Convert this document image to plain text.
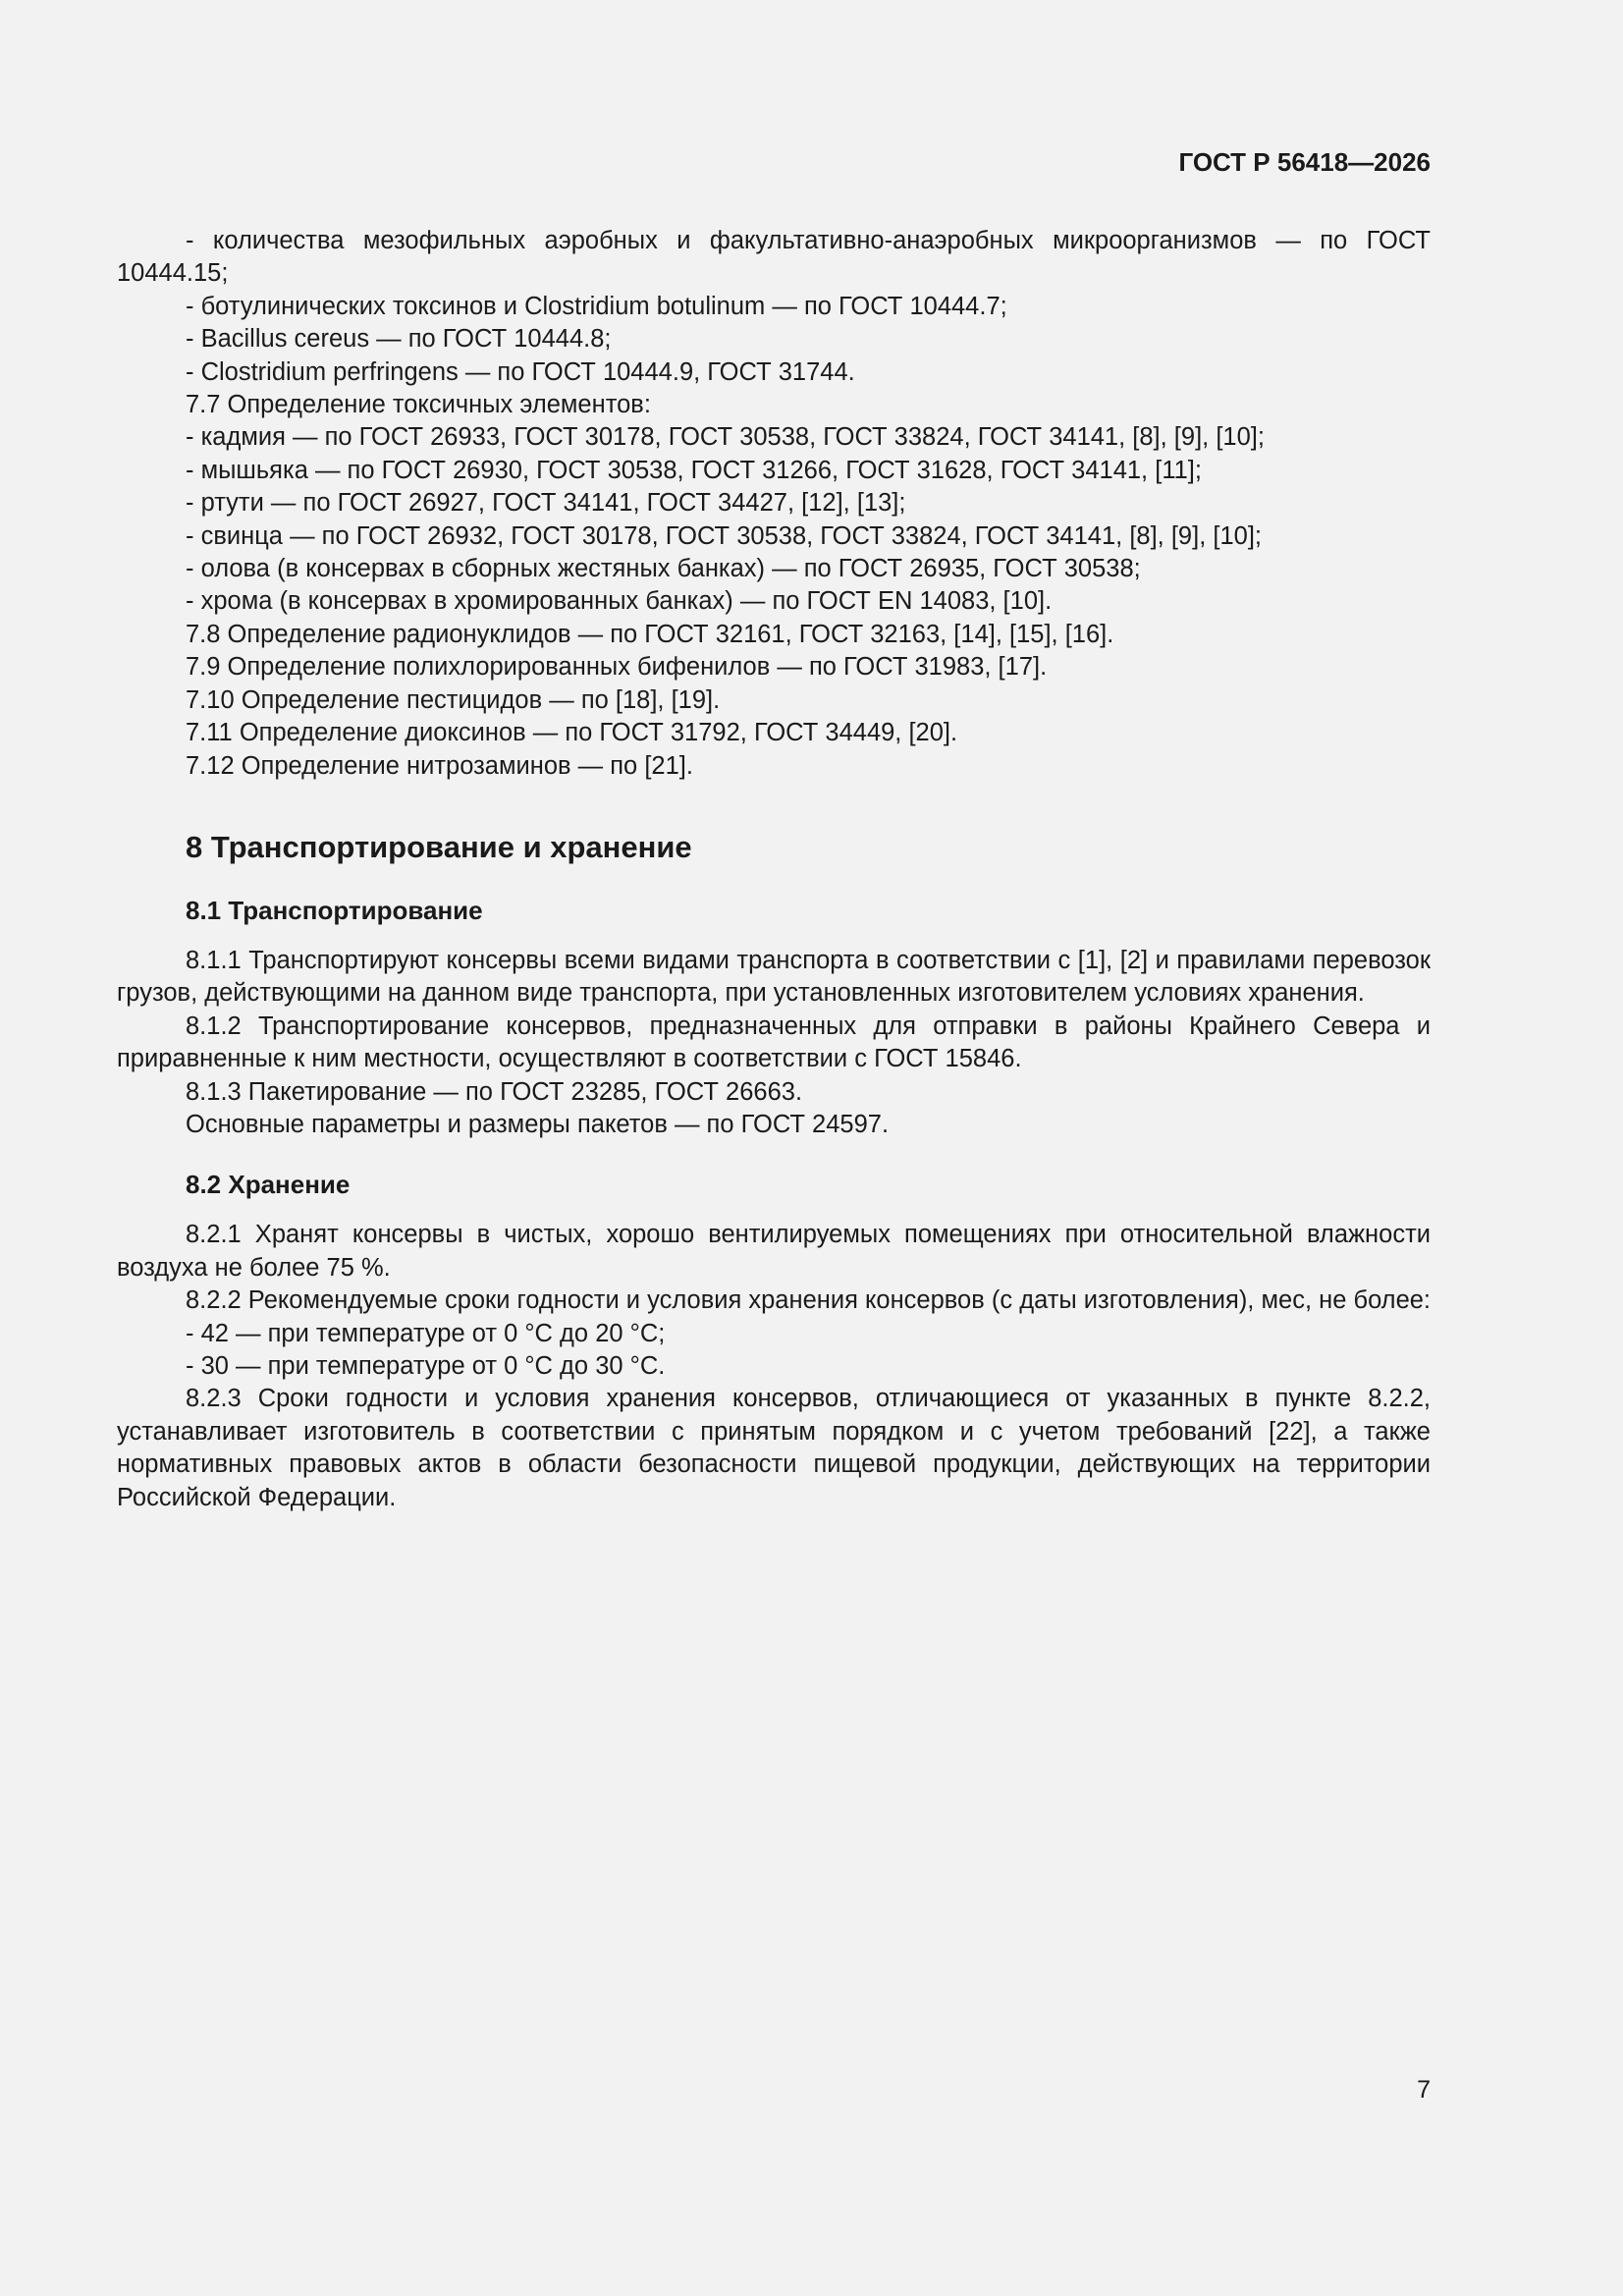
ГОСТ Р 56418—2026

- количества мезофильных аэробных и факультативно-анаэробных микроорганизмов — по ГОСТ 10444.15;

- ботулинических токсинов и Clostridium botulinum — по ГОСТ 10444.7;

- Bacillus cereus — по ГОСТ 10444.8;

- Clostridium perfringens — по ГОСТ 10444.9, ГОСТ 31744.

7.7 Определение токсичных элементов:

- кадмия — по ГОСТ 26933, ГОСТ 30178, ГОСТ 30538, ГОСТ 33824, ГОСТ 34141, [8], [9], [10];

- мышьяка — по ГОСТ 26930, ГОСТ 30538, ГОСТ 31266, ГОСТ 31628, ГОСТ 34141, [11];

- ртути — по ГОСТ 26927, ГОСТ 34141, ГОСТ 34427, [12], [13];

- свинца — по ГОСТ 26932, ГОСТ 30178, ГОСТ 30538, ГОСТ 33824, ГОСТ 34141, [8], [9], [10];

- олова (в консервах в сборных жестяных банках) — по ГОСТ 26935, ГОСТ 30538;

- хрома (в консервах в хромированных банках) — по ГОСТ EN 14083, [10].

7.8 Определение радионуклидов — по ГОСТ 32161, ГОСТ 32163, [14], [15], [16].

7.9 Определение полихлорированных бифенилов — по ГОСТ 31983, [17].

7.10 Определение пестицидов — по [18], [19].

7.11 Определение диоксинов — по ГОСТ 31792, ГОСТ 34449, [20].

7.12 Определение нитрозаминов — по [21].

8 Транспортирование и хранение
8.1 Транспортирование

8.1.1 Транспортируют консервы всеми видами транспорта в соответствии с [1], [2] и правилами перевозок грузов, действующими на данном виде транспорта, при установленных изготовителем условиях хранения.

8.1.2 Транспортирование консервов, предназначенных для отправки в районы Крайнего Севера и приравненные к ним местности, осуществляют в соответствии с ГОСТ 15846.

8.1.3 Пакетирование — по ГОСТ 23285, ГОСТ 26663.

Основные параметры и размеры пакетов — по ГОСТ 24597.

8.2 Хранение

8.2.1 Хранят консервы в чистых, хорошо вентилируемых помещениях при относительной влажности воздуха не более 75 %.

8.2.2 Рекомендуемые сроки годности и условия хранения консервов (с даты изготовления), мес, не более:

- 42 — при температуре от 0 °С до 20 °С;

- 30 — при температуре от 0 °С до 30 °С.

8.2.3 Сроки годности и условия хранения консервов, отличающиеся от указанных в пункте 8.2.2, устанавливает изготовитель в соответствии с принятым порядком и с учетом требований [22], а также нормативных правовых актов в области безопасности пищевой продукции, действующих на территории Российской Федерации.

7
